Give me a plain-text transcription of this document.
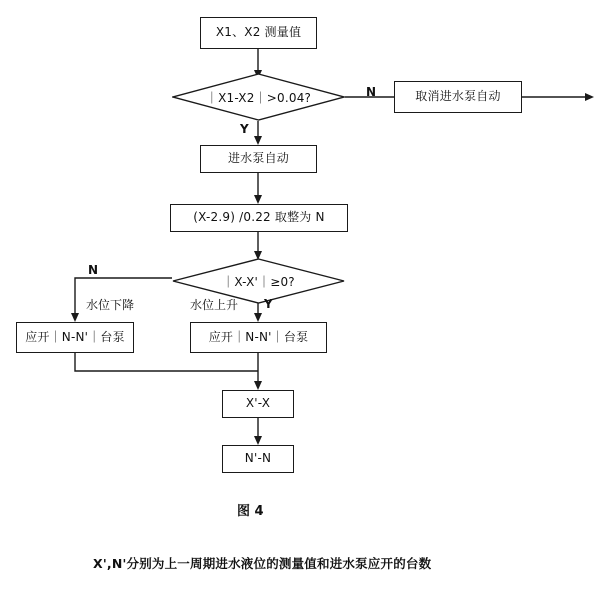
X1、X2 测量值
｜X1-X2｜>0.04?	取消进水泵自动
进水泵自动
(X-2.9) /0.22 取整为 N
｜X-X'｜≥0?
应开｜N-N'｜台泵	应开｜N-N'｜台泵
X'-X
N'-N
N
Y
N
Y
水位下降	水位上升
图 4
X',N'分别为上一周期进水液位的测量值和进水泵应开的台数
